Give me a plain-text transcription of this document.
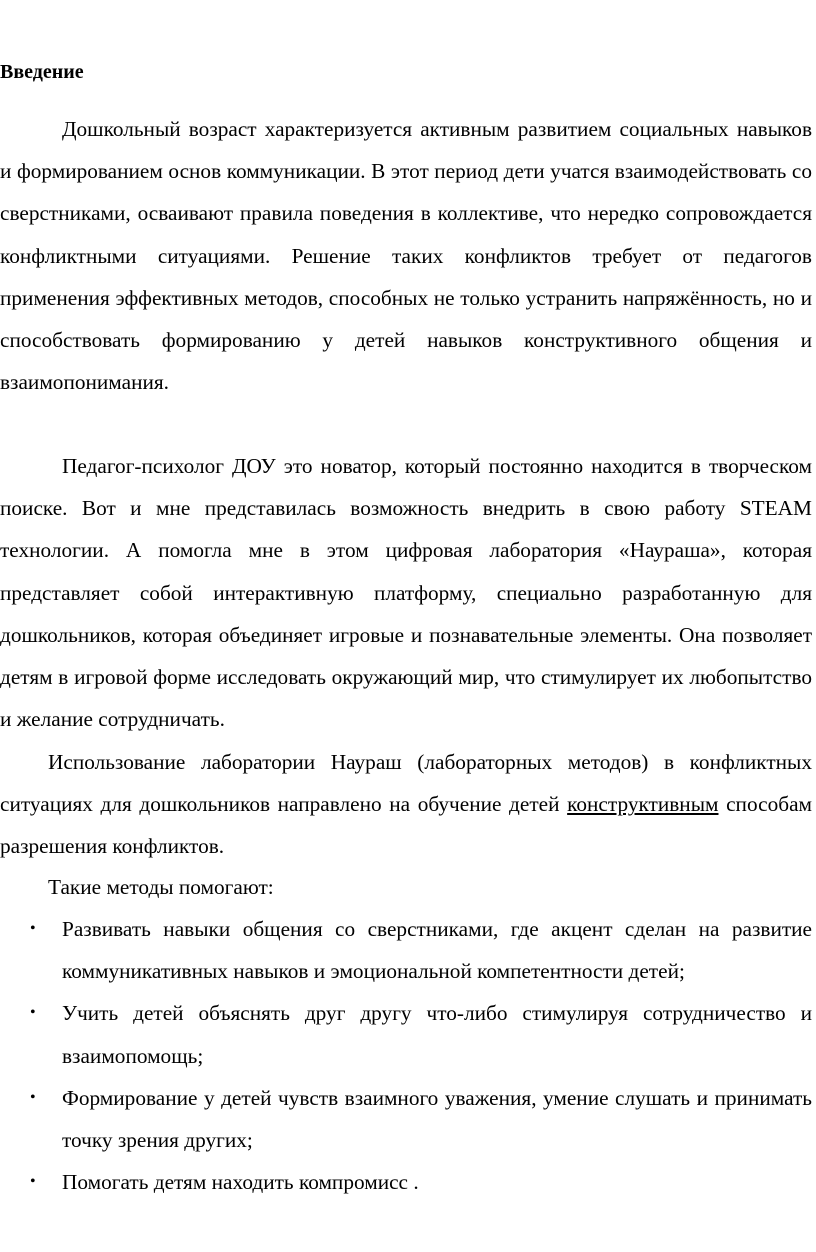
Введение

Дошкольный возраст характеризуется активным развитием социальных навыков и формированием основ коммуникации. В этот период дети учатся взаимодействовать со сверстниками, осваивают правила поведения в коллективе, что нередко сопровождается конфликтными ситуациями. Решение таких конфликтов требует от педагогов применения эффективных методов, способных не только устранить напряжённость, но и способствовать формированию у детей навыков конструктивного общения и взаимопонимания.

Педагог-психолог ДОУ это новатор, который постоянно находится в творческом поиске. Вот и мне представилась возможность внедрить в свою работу STEAM технологии. А помогла мне в этом цифровая лаборатория «Наураша», которая представляет собой интерактивную платформу, специально разработанную для дошкольников, которая объединяет игровые и познавательные элементы. Она позволяет детям в игровой форме исследовать окружающий мир, что стимулирует их любопытство и желание сотрудничать.

Использование лаборатории Наураш (лабораторных методов) в конфликтных ситуациях для дошкольников направлено на обучение детей конструктивным способам разрешения конфликтов.

Такие методы помогают:

• Развивать навыки общения со сверстниками, где акцент сделан на развитие коммуникативных навыков и эмоциональной компетентности детей;
• Учить детей объяснять друг другу что-либо стимулируя сотрудничество и взаимопомощь;
• Формирование у детей чувств взаимного уважения, умение слушать и принимать точку зрения других;
• Помогать детям находить компромисс .
